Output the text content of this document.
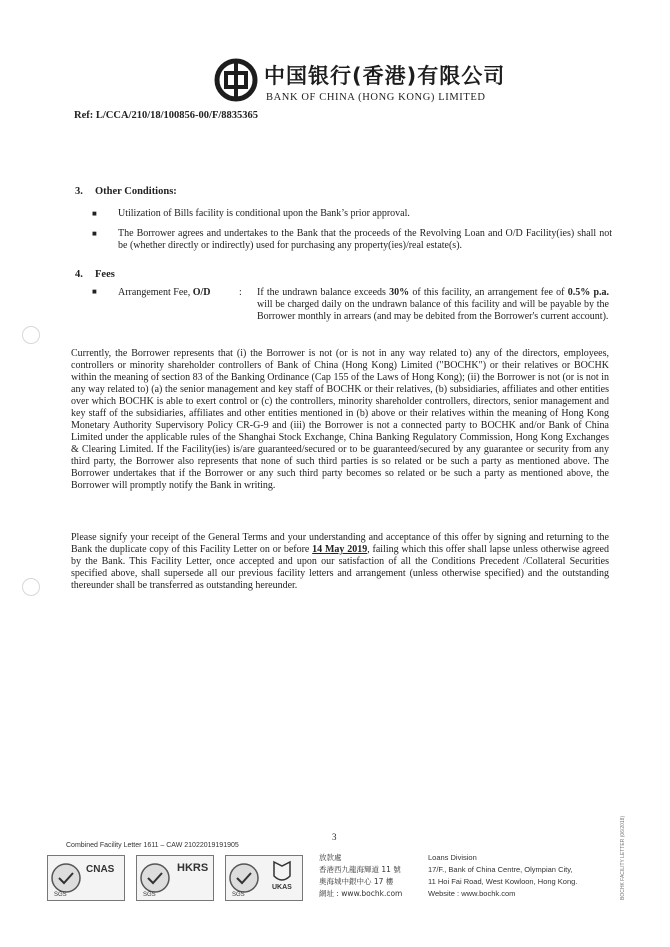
中国银行(香港)有限公司
BANK OF CHINA (HONG KONG) LIMITED
Ref: L/CCA/210/18/100856-00/F/8835365
3. Other Conditions:
■ Utilization of Bills facility is conditional upon the Bank’s prior approval.
■ The Borrower agrees and undertakes to the Bank that the proceeds of the Revolving Loan and O/D Facility(ies) shall not be (whether directly or indirectly) used for purchasing any property(ies)/real estate(s).
4. Fees
■ Arrangement Fee, O/D	: If the undrawn balance exceeds 30% of this facility, an arrangement fee of 0.5% p.a. will be charged daily on the undrawn balance of this facility and will be payable by the Borrower monthly in arrears (and may be debited from the Borrower's current account).
Currently, the Borrower represents that (i) the Borrower is not (or is not in any way related to) any of the directors, employees, controllers or minority shareholder controllers of Bank of China (Hong Kong) Limited ("BOCHK") or their relatives or BOCHK within the meaning of section 83 of the Banking Ordinance (Cap 155 of the Laws of Hong Kong); (ii) the Borrower is not (or is not in any way related to) (a) the senior management and key staff of BOCHK or their relatives, (b) subsidiaries, affiliates and other entities over which BOCHK is able to exert control or (c) the controllers, minority shareholder controllers, directors, senior management and key staff of the subsidiaries, affiliates and other entities mentioned in (b) above or their relatives within the meaning of Hong Kong Monetary Authority Supervisory Policy CR-G-9 and (iii) the Borrower is not a connected party to BOCHK and/or Bank of China Limited under the applicable rules of the Shanghai Stock Exchange, China Banking Regulatory Commission, Hong Kong Exchanges & Clearing Limited. If the Facility(ies) is/are guaranteed/secured or to be guaranteed/secured by any guarantee or security from any third party, the Borrower also represents that none of such third parties is so related or be such a party as mentioned above. The Borrower undertakes that if the Borrower or any such third party becomes so related or be such a party as mentioned above, the Borrower will promptly notify the Bank in writing.
Please signify your receipt of the General Terms and your understanding and acceptance of this offer by signing and returning to the Bank the duplicate copy of this Facility Letter on or before 14 May 2019, failing which this offer shall lapse unless otherwise agreed by the Bank. This Facility Letter, once accepted and upon our satisfaction of all the Conditions Precedent /Collateral Securities specified above, shall supersede all our previous facility letters and arrangement (unless otherwise specified) and the outstanding thereunder shall be transferred as outstanding hereunder.
3
Combined Facility Letter 1611 – CAW 21022019191905
CNAS
SGS
HKRS
SGS
UKAS
SGS
放款處
香港西九龍海輝道 11 號
奧海城中銀中心 17 樓
網址 : www.bochk.com
Loans Division
17/F., Bank of China Centre, Olympian City,
11 Hoi Fai Road, West Kowloon, Hong Kong.
Website : www.bochk.com	BOCHK FACILITY LETTER (06/2018)
